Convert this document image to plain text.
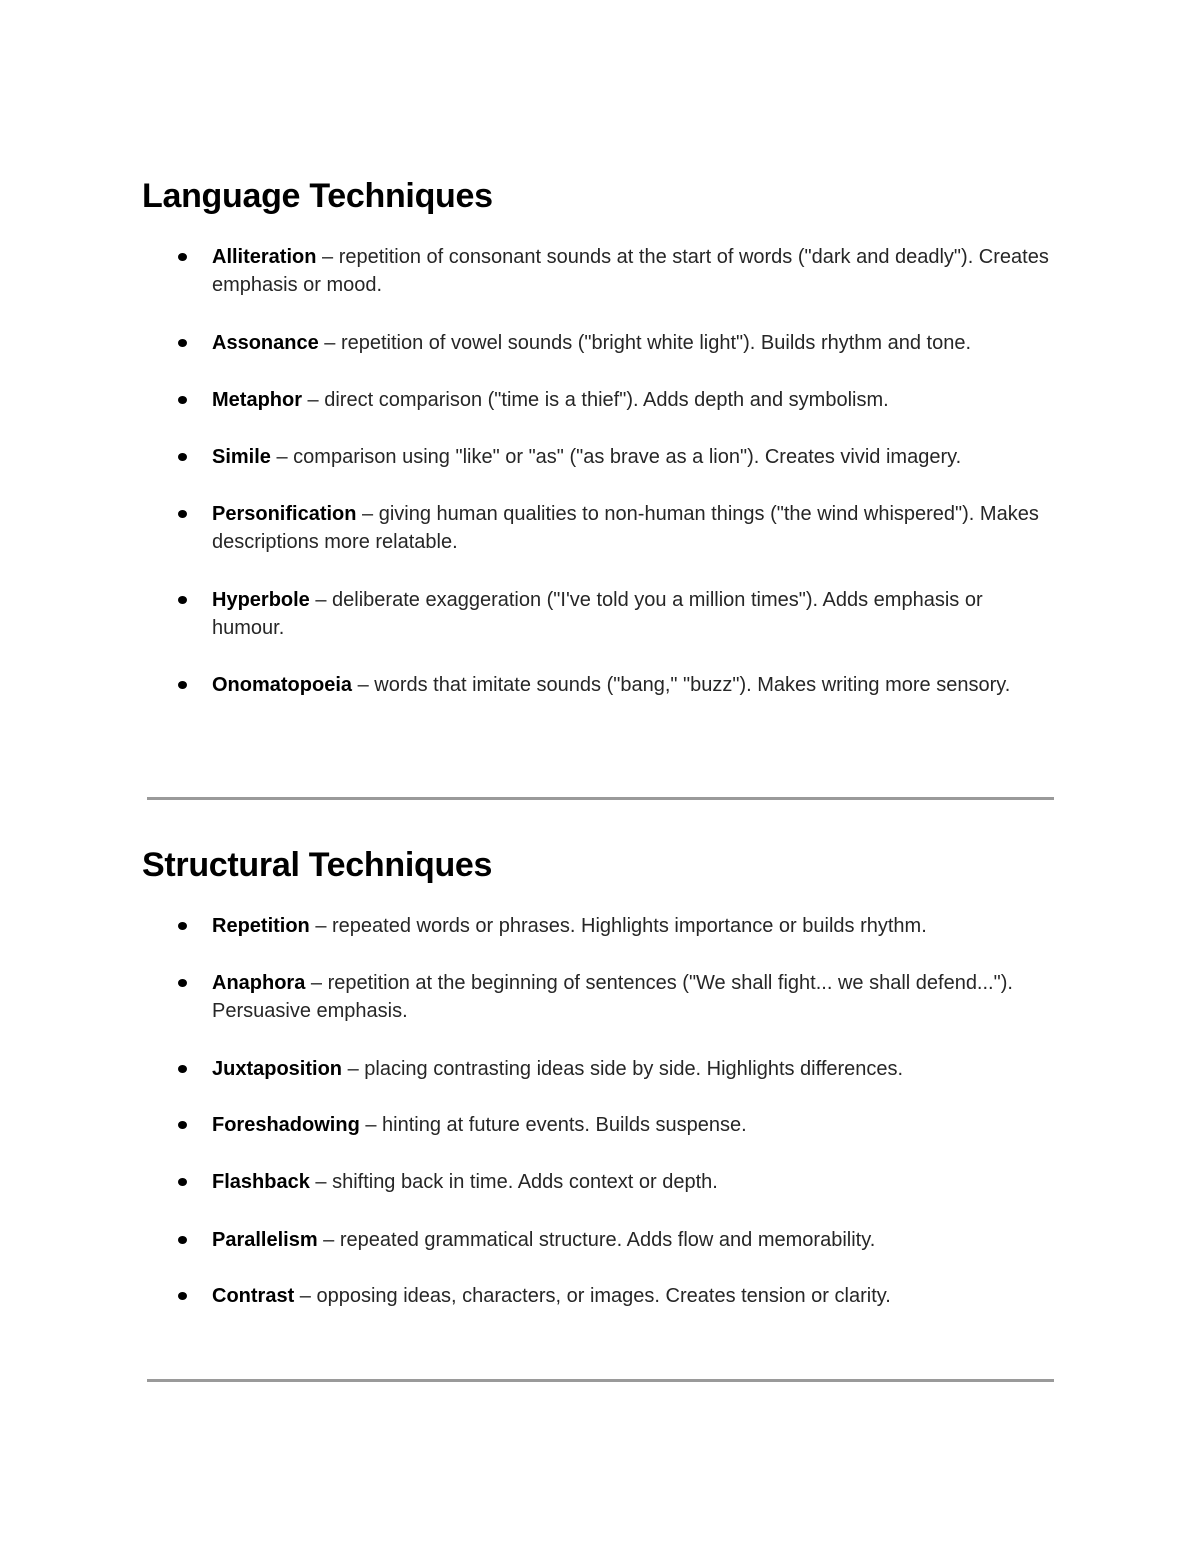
Language Techniques
Alliteration – repetition of consonant sounds at the start of words ("dark and deadly"). Creates emphasis or mood.
Assonance – repetition of vowel sounds ("bright white light"). Builds rhythm and tone.
Metaphor – direct comparison ("time is a thief"). Adds depth and symbolism.
Simile – comparison using "like" or "as" ("as brave as a lion"). Creates vivid imagery.
Personification – giving human qualities to non-human things ("the wind whispered"). Makes descriptions more relatable.
Hyperbole – deliberate exaggeration ("I've told you a million times"). Adds emphasis or humour.
Onomatopoeia – words that imitate sounds ("bang," "buzz"). Makes writing more sensory.
Structural Techniques
Repetition – repeated words or phrases. Highlights importance or builds rhythm.
Anaphora – repetition at the beginning of sentences ("We shall fight... we shall defend..."). Persuasive emphasis.
Juxtaposition – placing contrasting ideas side by side. Highlights differences.
Foreshadowing – hinting at future events. Builds suspense.
Flashback – shifting back in time. Adds context or depth.
Parallelism – repeated grammatical structure. Adds flow and memorability.
Contrast – opposing ideas, characters, or images. Creates tension or clarity.
